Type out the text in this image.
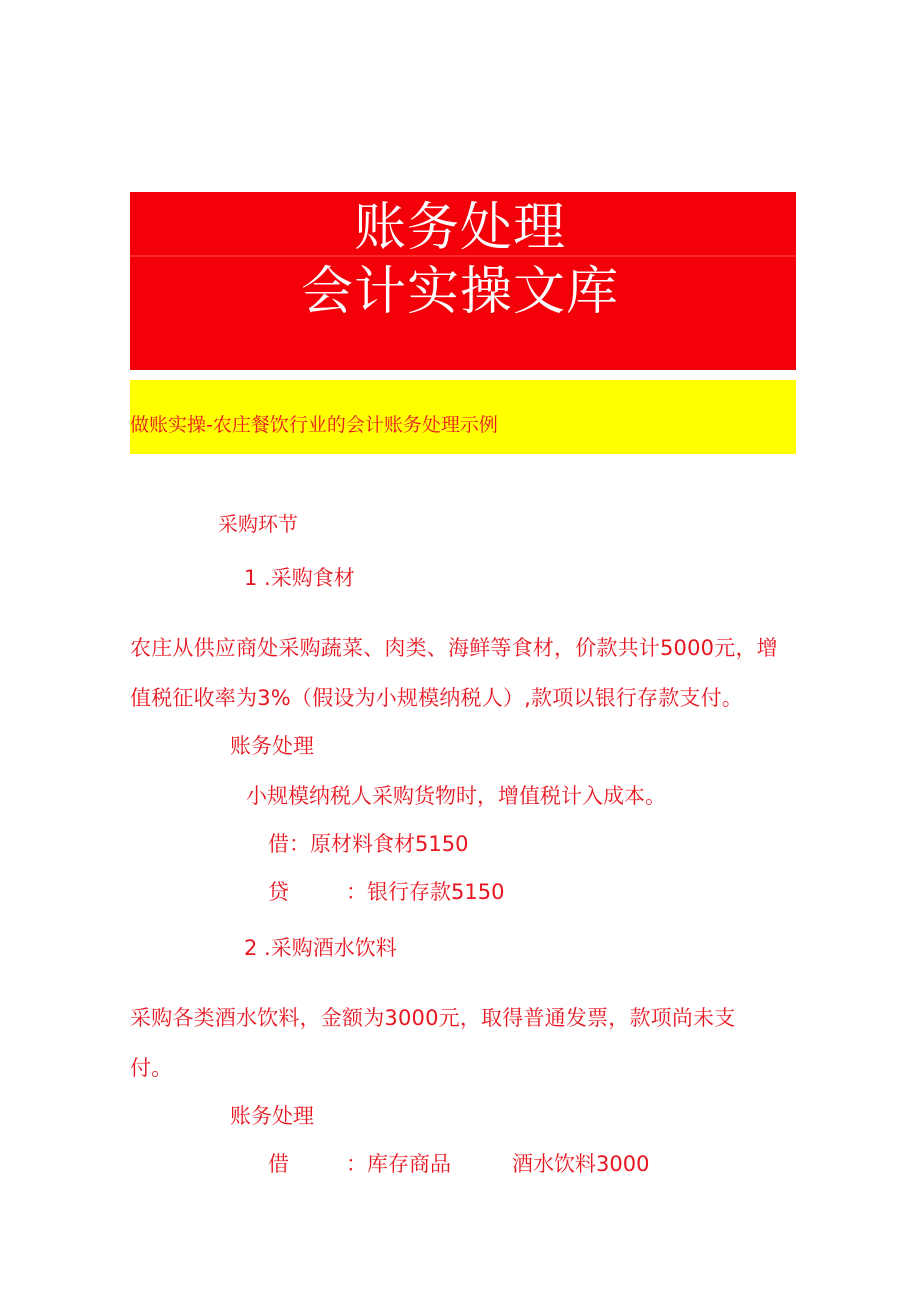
账务处理
会计实操文库
做账实操-农庄餐饮行业的会计账务处理示例
采购环节
1 .采购食材
农庄从供应商处采购蔬菜、肉类、海鲜等食材，价款共计5000元，增
值税征收率为3%（假设为小规模纳税人）,款项以银行存款支付。
账务处理
小规模纳税人采购货物时，增值税计入成本。
借：原材料食材5150
贷	：银行存款5150
2 .采购酒水饮料
采购各类酒水饮料，金额为3000元，取得普通发票，款项尚未支
付。
账务处理
借	：库存商品	酒水饮料3000
